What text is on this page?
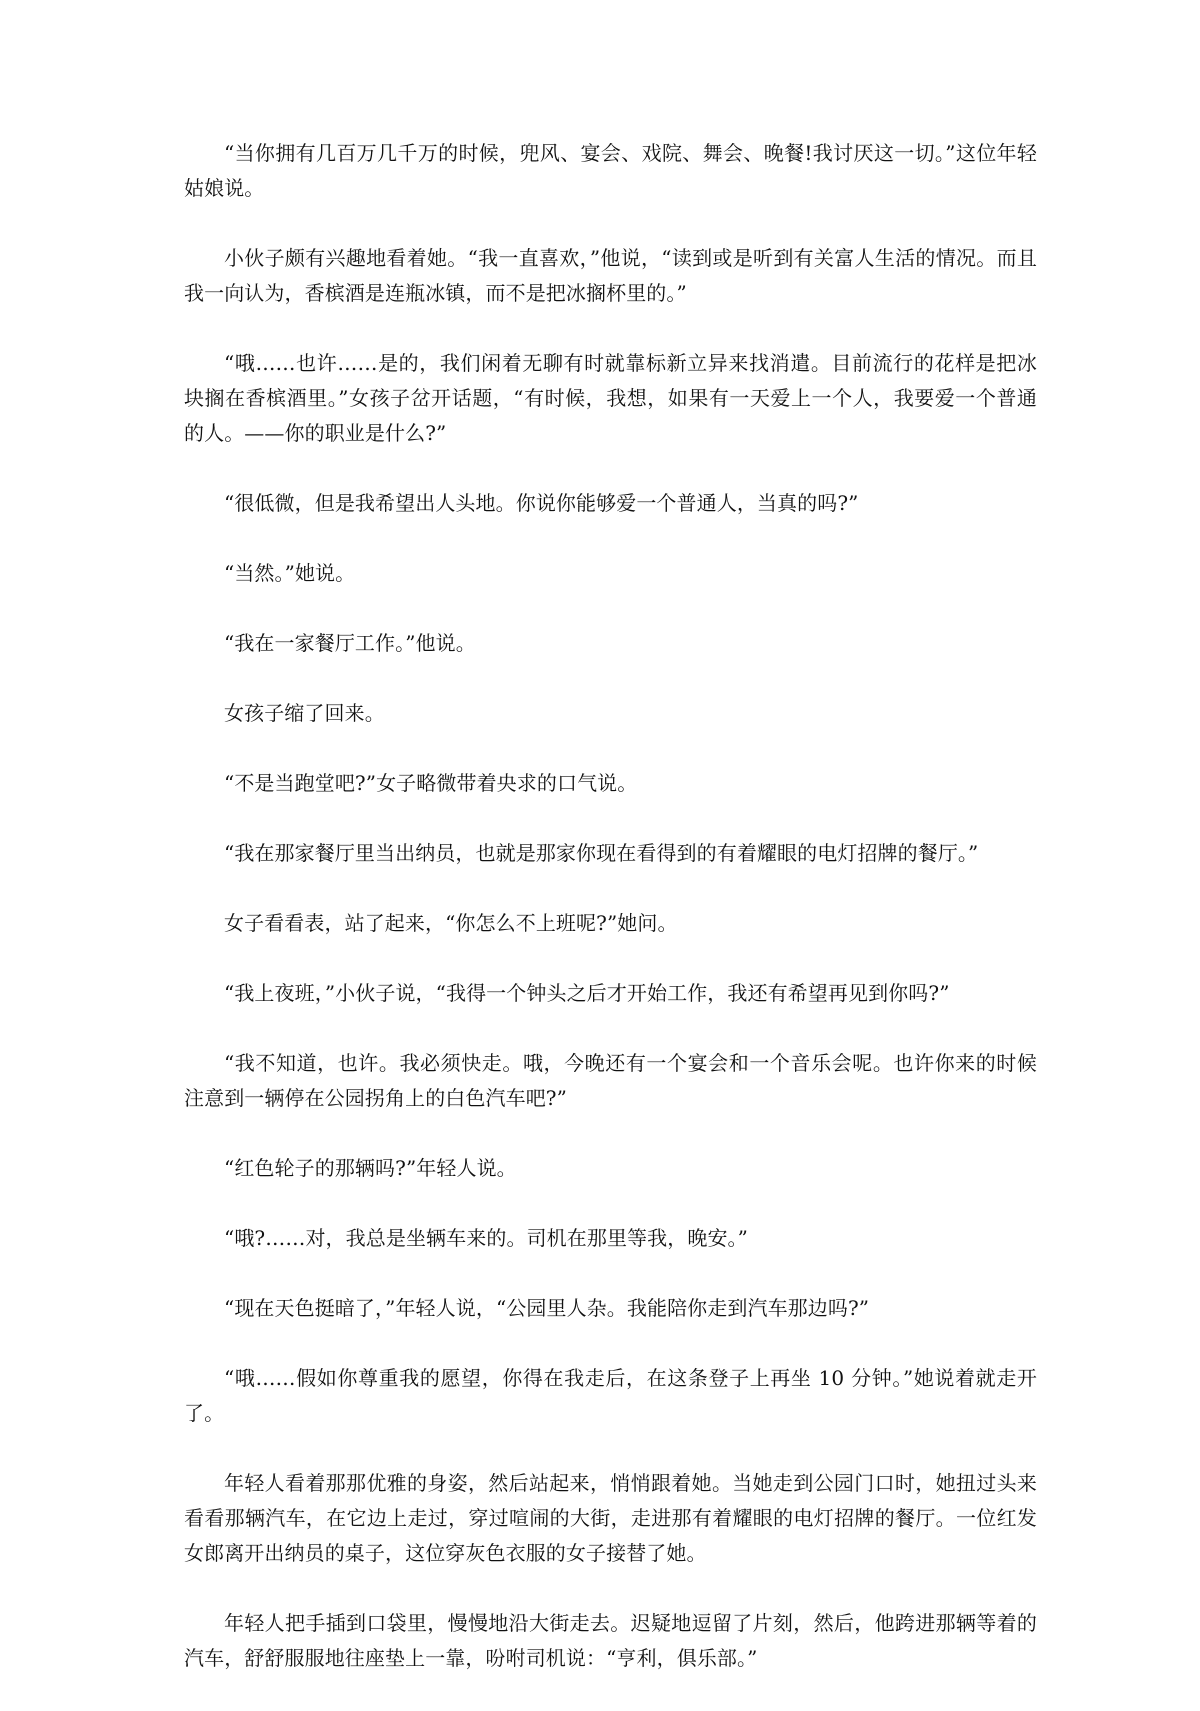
“当你拥有几百万几千万的时候，兜风、宴会、戏院、舞会、晚餐!我讨厌这一切。”这位年轻姑娘说。

小伙子颇有兴趣地看着她。“我一直喜欢，”他说，“读到或是听到有关富人生活的情况。而且我一向认为，香槟酒是连瓶冰镇，而不是把冰搁杯里的。”

“哦……也许……是的，我们闲着无聊有时就靠标新立异来找消遣。目前流行的花样是把冰块搁在香槟酒里。”女孩子岔开话题，“有时候，我想，如果有一天爱上一个人，我要爱一个普通的人。——你的职业是什么?”

“很低微，但是我希望出人头地。你说你能够爱一个普通人，当真的吗?”

“当然。”她说。

“我在一家餐厅工作。”他说。

女孩子缩了回来。

“不是当跑堂吧?”女子略微带着央求的口气说。

“我在那家餐厅里当出纳员，也就是那家你现在看得到的有着耀眼的电灯招牌的餐厅。”

女子看看表，站了起来，“你怎么不上班呢?”她问。

“我上夜班，”小伙子说，“我得一个钟头之后才开始工作，我还有希望再见到你吗?”

“我不知道，也许。我必须快走。哦，今晚还有一个宴会和一个音乐会呢。也许你来的时候注意到一辆停在公园拐角上的白色汽车吧?”

“红色轮子的那辆吗?”年轻人说。

“哦?……对，我总是坐辆车来的。司机在那里等我，晚安。”

“现在天色挺暗了，”年轻人说，“公园里人杂。我能陪你走到汽车那边吗?”

“哦……假如你尊重我的愿望，你得在我走后，在这条登子上再坐 10 分钟。”她说着就走开了。

年轻人看着那那优雅的身姿，然后站起来，悄悄跟着她。当她走到公园门口时，她扭过头来看看那辆汽车，在它边上走过，穿过喧闹的大街，走进那有着耀眼的电灯招牌的餐厅。一位红发女郎离开出纳员的桌子，这位穿灰色衣服的女子接替了她。

年轻人把手插到口袋里，慢慢地沿大街走去。迟疑地逗留了片刻，然后，他跨进那辆等着的汽车，舒舒服服地往座垫上一靠，吩咐司机说：“亨利，俱乐部。”
